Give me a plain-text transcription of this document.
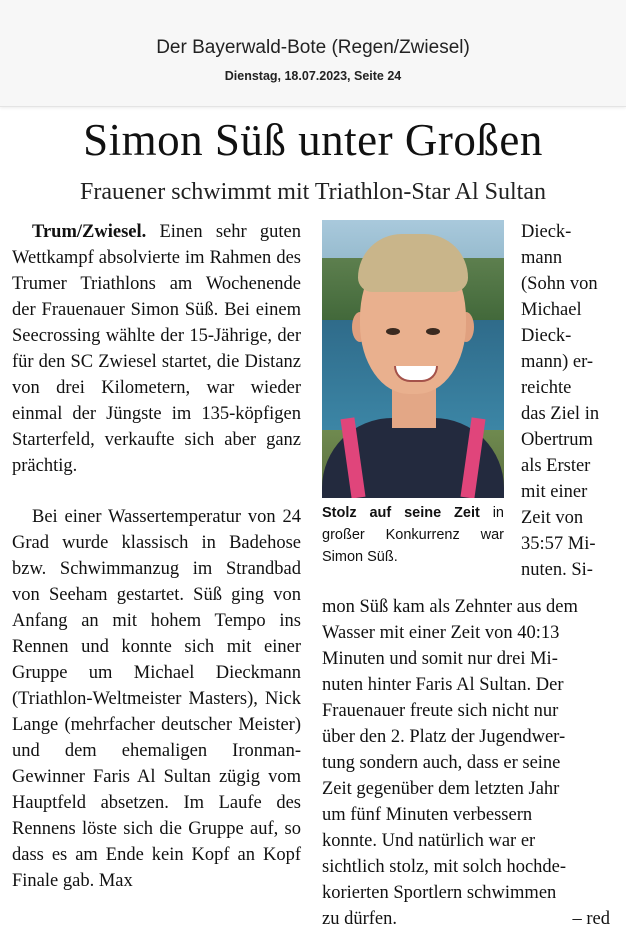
Der Bayerwald-Bote (Regen/Zwiesel)
Dienstag, 18.07.2023, Seite 24
Simon Süß unter Großen
Frauener schwimmt mit Triathlon-Star Al Sultan

Trum/Zwiesel. Einen sehr guten Wettkampf absolvierte im Rahmen des Trumer Triathlons am Wochenende der Frauenauer Simon Süß. Bei einem Seecrossing wählte der 15-Jährige, der für den SC Zwiesel startet, die Distanz von drei Kilometern, war wieder einmal der Jüngste im 135-köpfigen Starterfeld, verkaufte sich aber ganz prächtig.

Bei einer Wassertemperatur von 24 Grad wurde klassisch in Badehose bzw. Schwimmanzug im Strandbad von Seeham gestartet. Süß ging von Anfang an mit hohem Tempo ins Rennen und konnte sich mit einer Gruppe um Michael Dieckmann (Triathlon-Weltmeister Masters), Nick Lange (mehrfacher deutscher Meister) und dem ehemaligen Ironman-Gewinner Faris Al Sultan zügig vom Hauptfeld absetzen. Im Laufe des Rennens löste sich die Gruppe auf, so dass es am Ende kein Kopf an Kopf Finale gab. Max

Stolz auf seine Zeit in großer Konkurrenz war Simon Süß.
Dieck-
mann
(Sohn von
Michael
Dieck-
mann) er-
reichte
das Ziel in
Obertrum
als Erster
mit einer
Zeit von
35:57 Mi-
nuten. Si-
mon Süß kam als Zehnter aus dem
Wasser mit einer Zeit von 40:13
Minuten und somit nur drei Mi-
nuten hinter Faris Al Sultan. Der
Frauenauer freute sich nicht nur
über den 2. Platz der Jugendwer-
tung sondern auch, dass er seine
Zeit gegenüber dem letzten Jahr
um fünf Minuten verbessern
konnte. Und natürlich war er
sichtlich stolz, mit solch hochde-
korierten Sportlern schwimmen
zu dürfen.	– red
